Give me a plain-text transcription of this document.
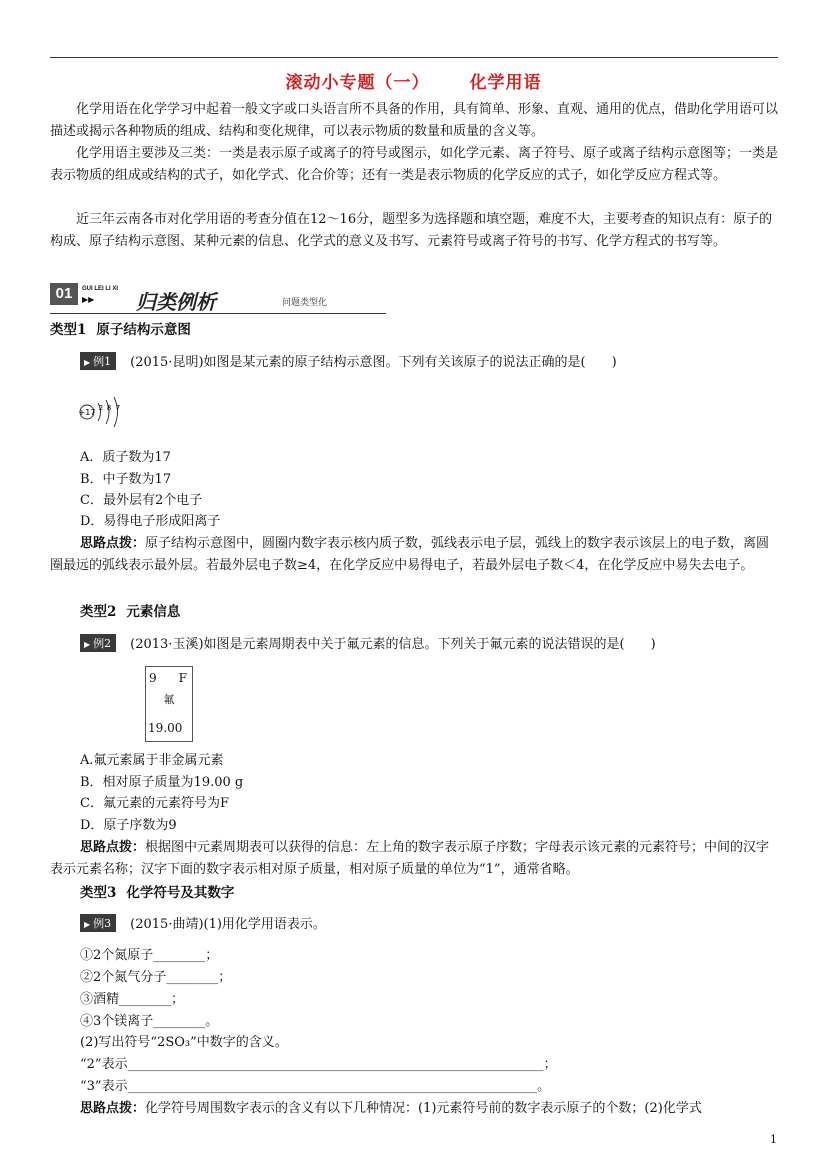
滚动小专题（一） 化学用语
化学用语在化学学习中起着一般文字或口头语言所不具备的作用，具有简单、形象、直观、通用的优点，借助化学用语可以描述或揭示各种物质的组成、结构和变化规律，可以表示物质的数量和质量的含义等。
化学用语主要涉及三类：一类是表示原子或离子的符号或图示，如化学元素、离子符号、原子或离子结构示意图等；一类是表示物质的组成或结构的式子，如化学式、化合价等；还有一类是表示物质的化学反应的式子，如化学反应方程式等。
近三年云南各市对化学用语的考查分值在12～16分，题型多为选择题和填空题，难度不大，主要考查的知识点有：原子的构成、原子结构示意图、某种元素的信息、化学式的意义及书写、元素符号或离子符号的书写、化学方程式的书写等。
01	GUI LEI LI XI
▶▶ 归类例析	问题类型化
类型1 原子结构示意图
▶ 例1 (2015·昆明)如图是某元素的原子结构示意图。下列有关该原子的说法正确的是(　　)
+17 2 8 7
A．质子数为17
B．中子数为17
C．最外层有2个电子
D．易得电子形成阳离子
思路点拨：原子结构示意图中，圆圈内数字表示核内质子数，弧线表示电子层，弧线上的数字表示该层上的电子数，离圆圈最远的弧线表示最外层。若最外层电子数≥4，在化学反应中易得电子，若最外层电子数＜4，在化学反应中易失去电子。
类型2 元素信息
▶ 例2 (2013·玉溪)如图是元素周期表中关于氟元素的信息。下列关于氟元素的说法错误的是(　　)
9 F
氟
19.00
A.氟元素属于非金属元素
B．相对原子质量为19.00 g
C．氟元素的元素符号为F
D．原子序数为9
思路点拨：根据图中元素周期表可以获得的信息：左上角的数字表示原子序数；字母表示该元素的元素符号；中间的汉字表示元素名称；汉字下面的数字表示相对原子质量，相对原子质量的单位为“1”，通常省略。
类型3 化学符号及其数字
▶ 例3 (2015·曲靖)(1)用化学用语表示。
①2个氮原子________；
②2个氮气分子________；
③酒精________；
④3个镁离子________。
(2)写出符号“2SO₃”中数字的含义。
“2”表示________________________________________________________________；
“3”表示_______________________________________________________________。
思路点拨：化学符号周围数字表示的含义有以下几种情况：(1)元素符号前的数字表示原子的个数；(2)化学式
1
